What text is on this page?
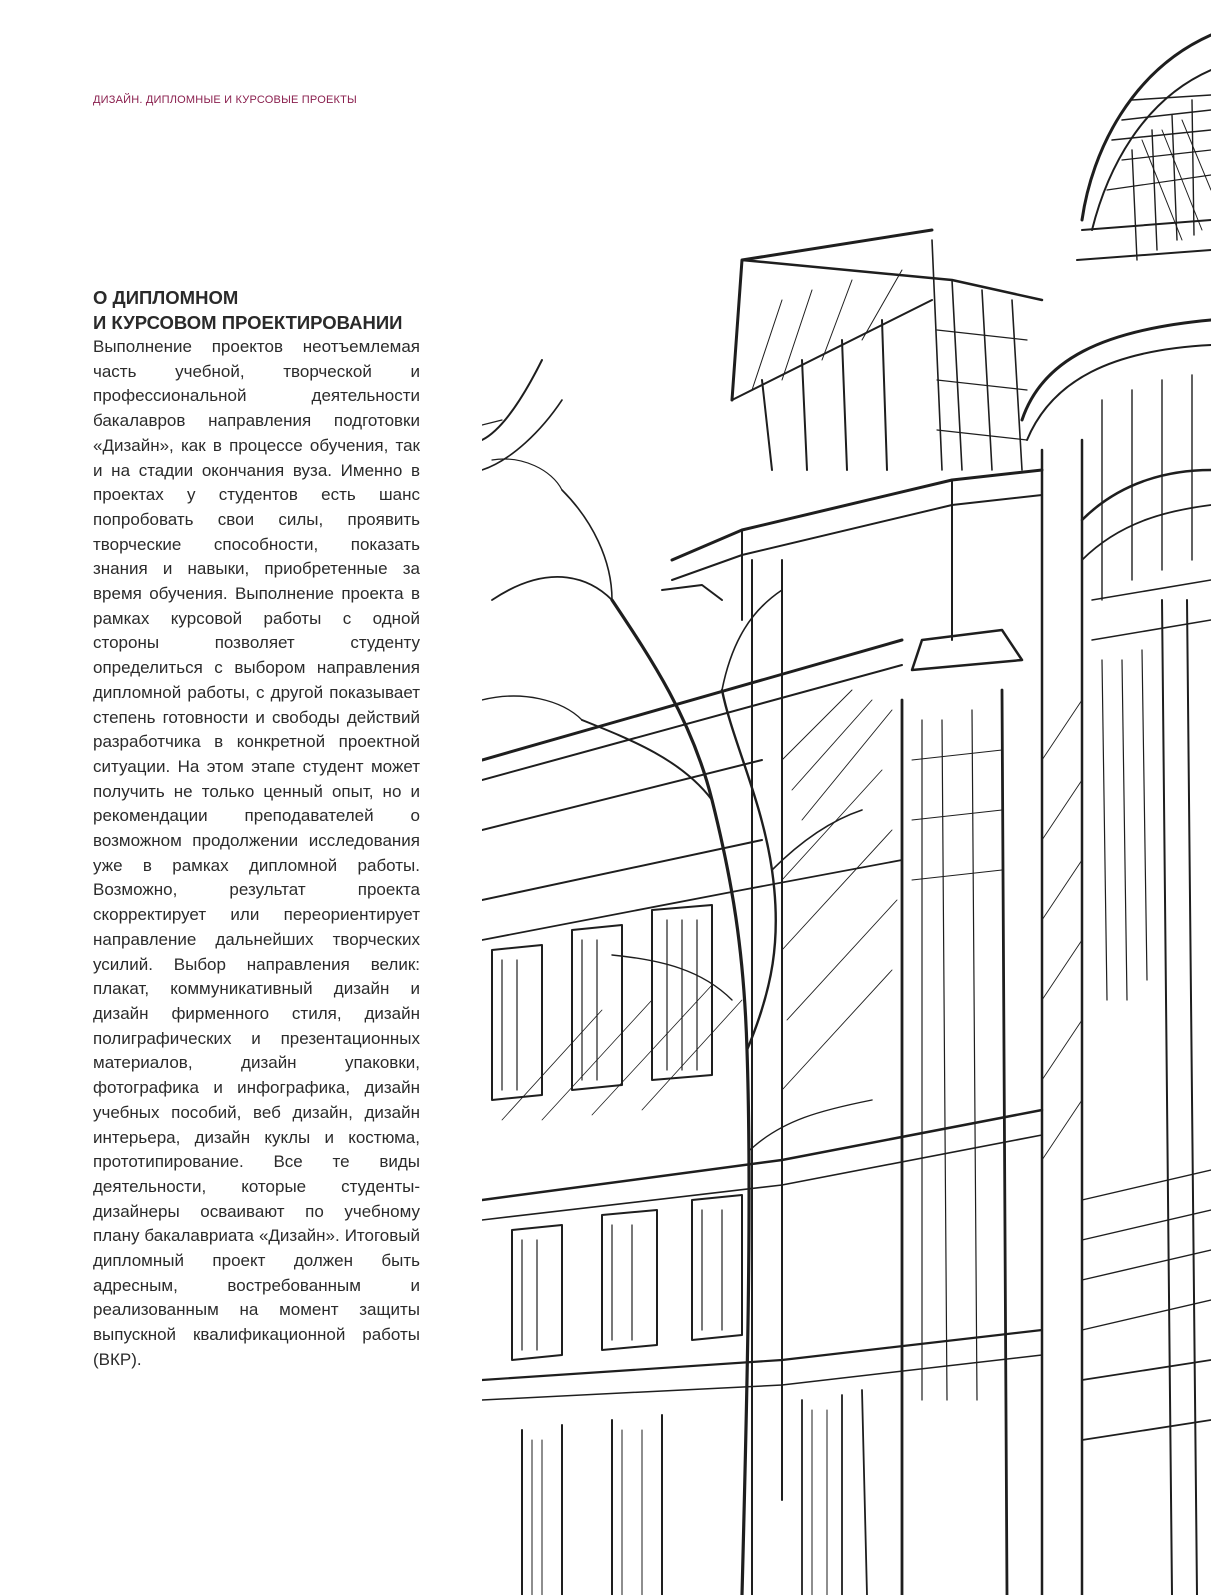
ДИЗАЙН. ДИПЛОМНЫЕ И КУРСОВЫЕ ПРОЕКТЫ
О ДИПЛОМНОМ
И КУРСОВОМ ПРОЕКТИРОВАНИИ

Выполнение проектов неотъемлемая часть учебной, творческой и профессиональной деятельности бакалавров направления подготовки «Дизайн», как в процессе обучения, так и на стадии окончания вуза. Именно в проектах у студентов есть шанс попробовать свои силы, проявить творческие способности, показать знания и навыки, приобретенные за время обучения. Выполнение проекта в рамках курсовой работы с одной стороны позволяет студенту определиться с выбором направления дипломной работы, с другой показывает степень готовности и свободы действий разработчика в конкретной проектной ситуации. На этом этапе студент может получить не только ценный опыт, но и рекомендации преподавателей о возможном продолжении исследования уже в рамках дипломной работы. Возможно, результат проекта скорректирует или переориентирует направление дальнейших творческих усилий. Выбор направления велик: плакат, коммуникативный дизайн и дизайн фирменного стиля, дизайн полиграфических и презентационных материалов, дизайн упаковки, фотографика и инфографика, дизайн учебных пособий, веб дизайн, дизайн интерьера, дизайн куклы и костюма, прототипирование. Все те виды деятельности, которые студенты-дизайнеры осваивают по учебному плану бакалавриата «Дизайн». Итоговый дипломный проект должен быть адресным, востребованным и реализованным на момент защиты выпускной квалификационной работы (ВКР).
